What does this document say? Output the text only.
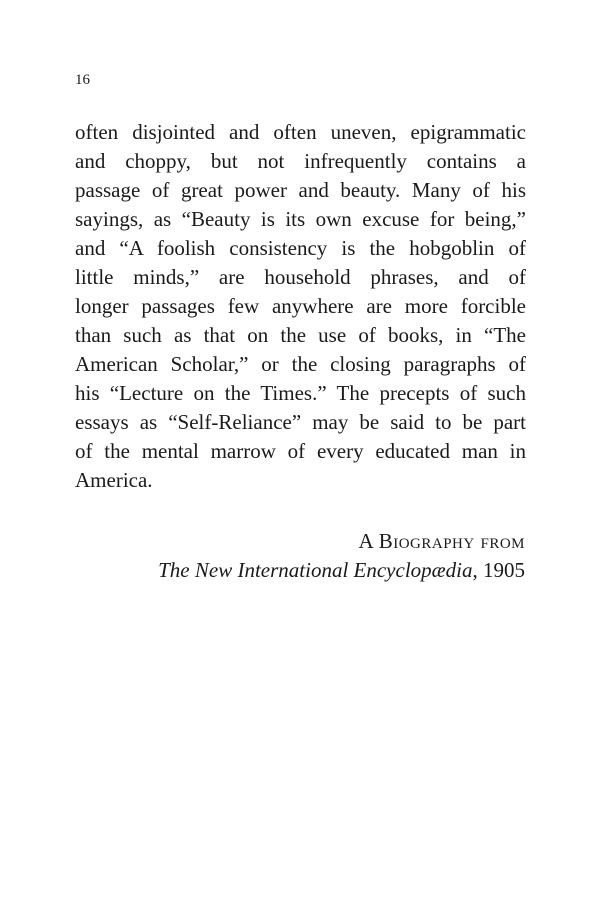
16
often disjointed and often uneven, epigrammatic
and choppy, but not infrequently contains a
passage of great power and beauty. Many of his
sayings, as “Beauty is its own excuse for being,”
and “A foolish consistency is the hobgoblin of
little minds,” are household phrases, and of
longer passages few anywhere are more forcible
than such as that on the use of books, in “The
American Scholar,” or the closing paragraphs of
his “Lecture on the Times.” The precepts of such
essays as “Self-Reliance” may be said to be part
of the mental marrow of every educated man in
America.
A Biography from
The New International Encyclopædia, 1905
